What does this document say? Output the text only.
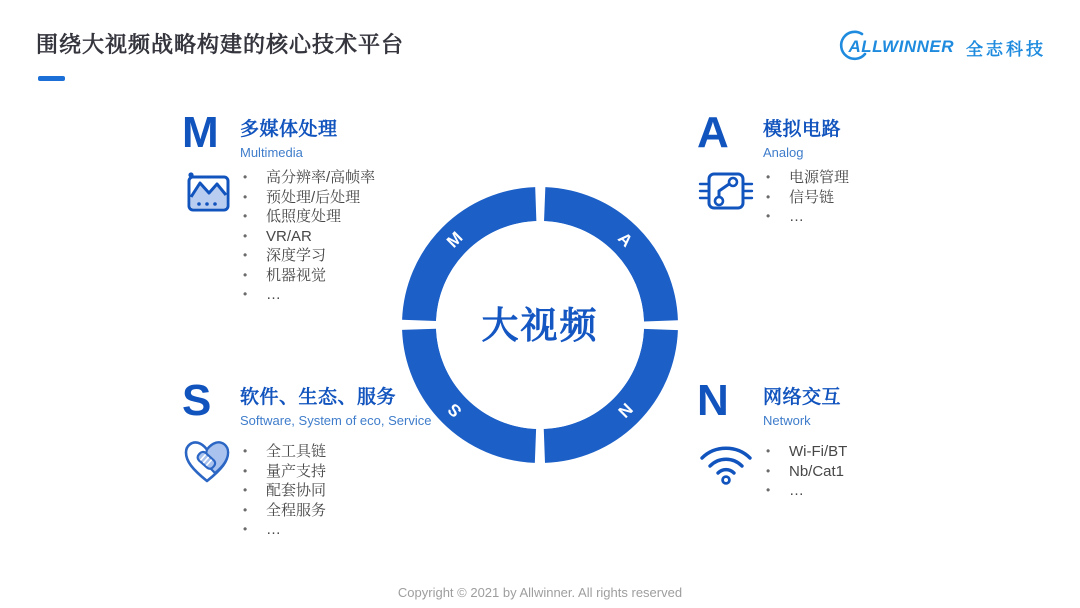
围绕大视频战略构建的核心技术平台	ALLWINNER 全志科技
M	A
S	N
大视频
M	多媒体处理
Multimedia
• 高分辨率/高帧率
• 预处理/后处理
• 低照度处理
• VR/AR
• 深度学习
• 机器视觉
• …
A	模拟电路
Analog
• 电源管理
• 信号链
• …
S	软件、生态、服务
Software, System of eco, Service
• 全工具链
• 量产支持
• 配套协同
• 全程服务
• …
N	网络交互
Network
• Wi-Fi/BT
• Nb/Cat1
• …
Copyright © 2021 by Allwinner. All rights reserved
